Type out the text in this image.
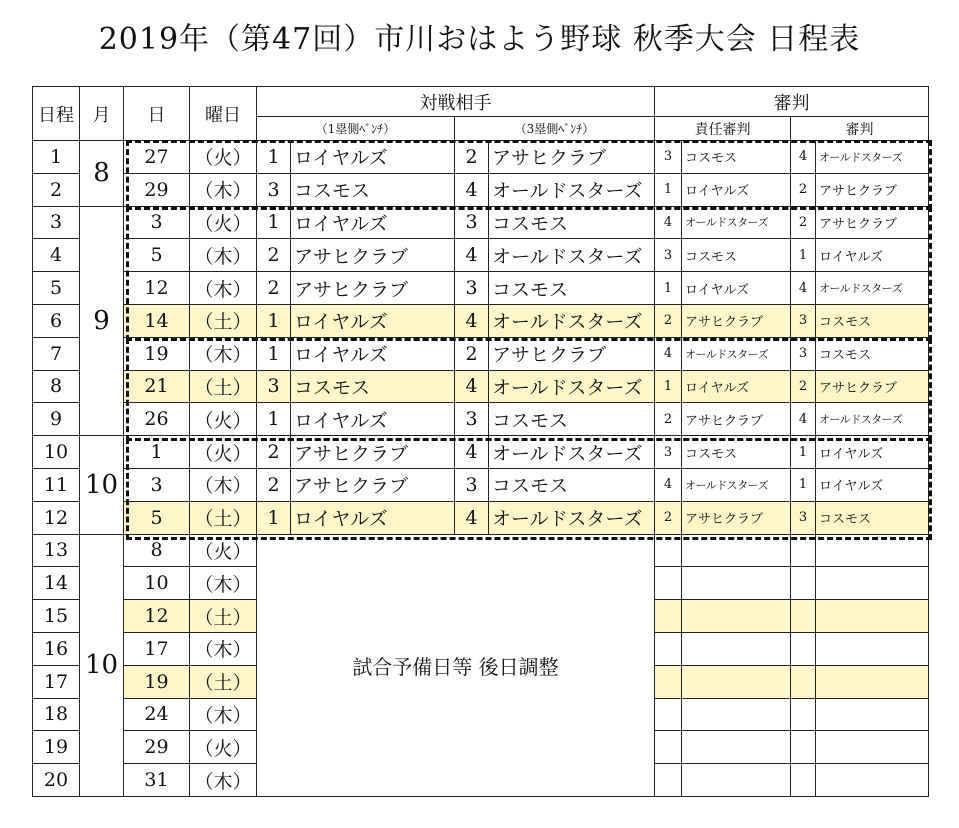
2019年（第47回）市川おはよう野球 秋季大会 日程表
日程	月	日	曜日	対戦相手				審判			
				（1塁側ﾍﾞﾝﾁ）		（3塁側ﾍﾞﾝﾁ）		責任審判		審判	
1	8	27	（火）	1	ロイヤルズ	2	アサヒクラブ	3	コスモス	4	オールドスターズ
2		29	（木）	3	コスモス	4	オールドスターズ	1	ロイヤルズ	2	アサヒクラブ
3	9	3	（火）	1	ロイヤルズ	3	コスモス	4	オールドスターズ	2	アサヒクラブ
4		5	（木）	2	アサヒクラブ	4	オールドスターズ	3	コスモス	1	ロイヤルズ
5		12	（木）	2	アサヒクラブ	3	コスモス	1	ロイヤルズ	4	オールドスターズ
6		14	（土）	1	ロイヤルズ	4	オールドスターズ	2	アサヒクラブ	3	コスモス
7		19	（木）	1	ロイヤルズ	2	アサヒクラブ	4	オールドスターズ	3	コスモス
8		21	（土）	3	コスモス	4	オールドスターズ	1	ロイヤルズ	2	アサヒクラブ
9		26	（火）	1	ロイヤルズ	3	コスモス	2	アサヒクラブ	4	オールドスターズ
10	10	1	（火）	2	アサヒクラブ	4	オールドスターズ	3	コスモス	1	ロイヤルズ
11		3	（木）	2	アサヒクラブ	3	コスモス	4	オールドスターズ	1	ロイヤルズ
12		5	（土）	1	ロイヤルズ	4	オールドスターズ	2	アサヒクラブ	3	コスモス
13	10	8	（火）	試合予備日等 後日調整							
14		10	（木）								
15		12	（土）								
16		17	（木）								
17		19	（土）								
18		24	（木）								
19		29	（火）								
20		31	（木）								
